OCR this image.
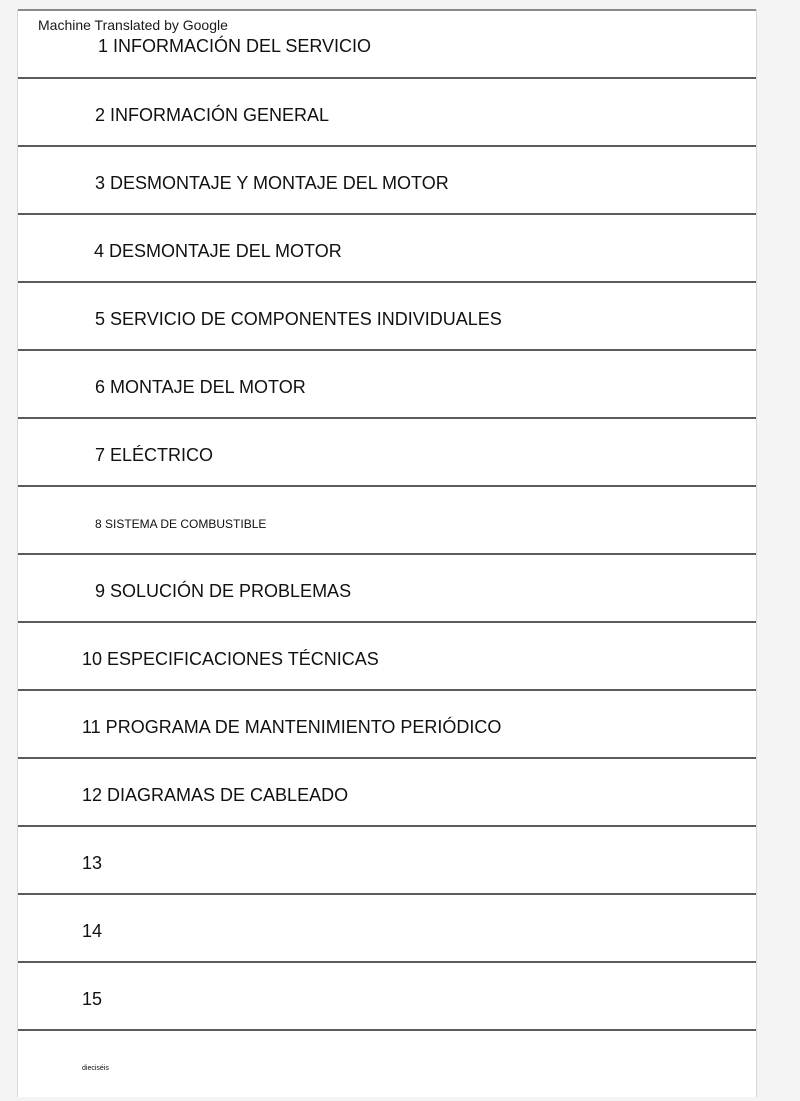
Machine Translated by Google
1 INFORMACIÓN DEL SERVICIO
2 INFORMACIÓN GENERAL
3 DESMONTAJE Y MONTAJE DEL MOTOR
4 DESMONTAJE DEL MOTOR
5 SERVICIO DE COMPONENTES INDIVIDUALES
6 MONTAJE DEL MOTOR
7 ELÉCTRICO
8 SISTEMA DE COMBUSTIBLE
9 SOLUCIÓN DE PROBLEMAS
10 ESPECIFICACIONES TÉCNICAS
11 PROGRAMA DE MANTENIMIENTO PERIÓDICO
12 DIAGRAMAS DE CABLEADO
13
14
15
dieciséis
